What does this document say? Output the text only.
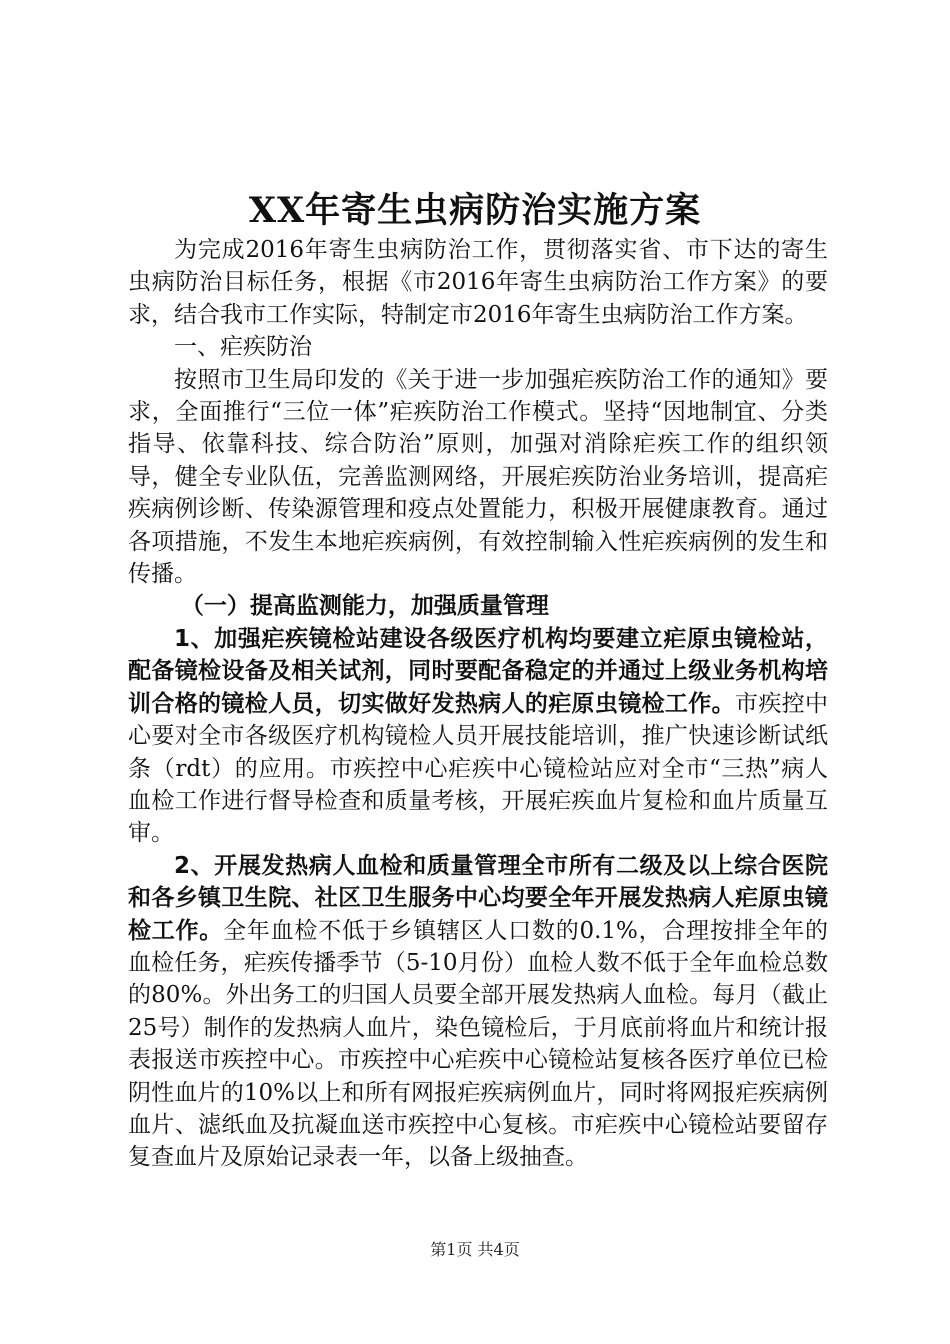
XX年寄生虫病防治实施方案

为完成2016年寄生虫病防治工作，贯彻落实省、市下达的寄生虫病防治目标任务，根据《市2016年寄生虫病防治工作方案》的要求，结合我市工作实际，特制定市2016年寄生虫病防治工作方案。

一、疟疾防治

按照市卫生局印发的《关于进一步加强疟疾防治工作的通知》要求，全面推行“三位一体”疟疾防治工作模式。坚持“因地制宜、分类指导、依靠科技、综合防治”原则，加强对消除疟疾工作的组织领导，健全专业队伍，完善监测网络，开展疟疾防治业务培训，提高疟疾病例诊断、传染源管理和疫点处置能力，积极开展健康教育。通过各项措施，不发生本地疟疾病例，有效控制输入性疟疾病例的发生和传播。

（一）提高监测能力，加强质量管理

1、加强疟疾镜检站建设各级医疗机构均要建立疟原虫镜检站，配备镜检设备及相关试剂，同时要配备稳定的并通过上级业务机构培训合格的镜检人员，切实做好发热病人的疟原虫镜检工作。市疾控中心要对全市各级医疗机构镜检人员开展技能培训，推广快速诊断试纸条（rdt）的应用。市疾控中心疟疾中心镜检站应对全市“三热”病人血检工作进行督导检查和质量考核，开展疟疾血片复检和血片质量互审。

2、开展发热病人血检和质量管理全市所有二级及以上综合医院和各乡镇卫生院、社区卫生服务中心均要全年开展发热病人疟原虫镜检工作。全年血检不低于乡镇辖区人口数的0.1%，合理按排全年的血检任务，疟疾传播季节（5-10月份）血检人数不低于全年血检总数的80%。外出务工的归国人员要全部开展发热病人血检。每月（截止25号）制作的发热病人血片，染色镜检后，于月底前将血片和统计报表报送市疾控中心。市疾控中心疟疾中心镜检站复核各医疗单位已检阴性血片的10%以上和所有网报疟疾病例血片，同时将网报疟疾病例血片、滤纸血及抗凝血送市疾控中心复核。市疟疾中心镜检站要留存复查血片及原始记录表一年，以备上级抽查。

第1页 共4页
